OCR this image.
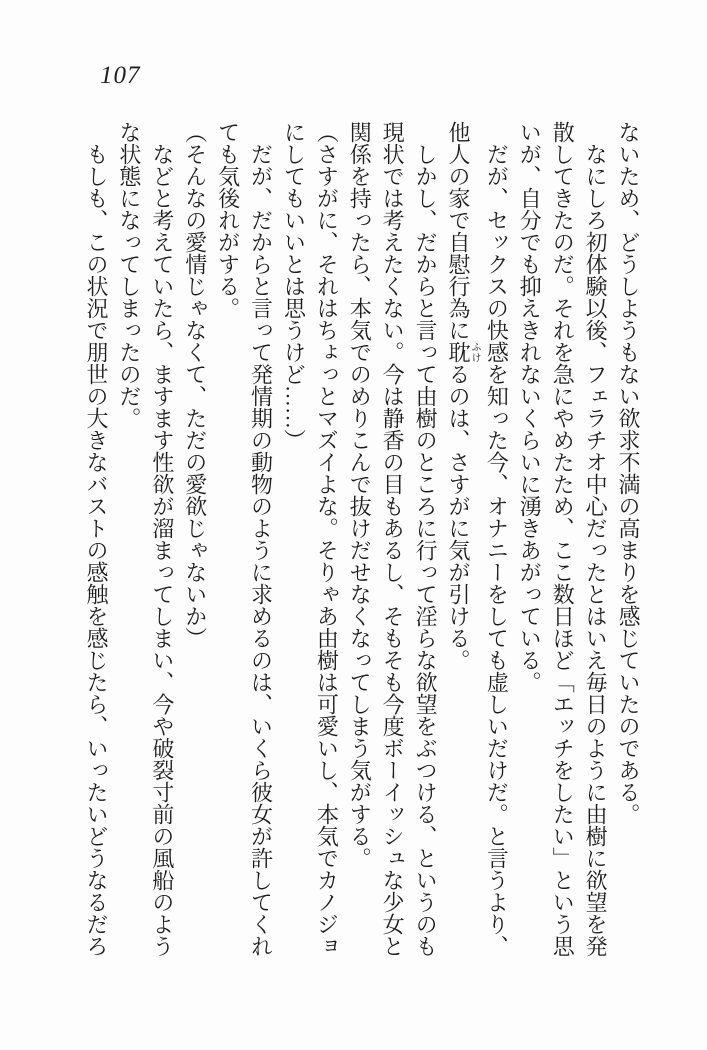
107
ないため、どうしようもない欲求不満の高まりを感じていたのである。
なにしろ初体験以後、フェラチオ中心だったとはいえ毎日のように由樹に欲望を発
散してきたのだ。それを急にやめたため、ここ数日ほど「エッチをしたい」という思
いが、自分でも抑えきれないくらいに湧きあがっている。
だが、セックスの快感を知った今、オナニーをしても虚しいだけだ。と言うより、
他人の家で自慰行為に耽ふけるのは、さすがに気が引ける。
しかし、だからと言って由樹のところに行って淫らな欲望をぶつける、というのも
現状では考えたくない。今は静香の目もあるし、そもそも今度ボーイッシュな少女と
関係を持ったら、本気でのめりこんで抜けだせなくなってしまう気がする。
（さすがに、それはちょっとマズイよな。そりゃあ由樹は可愛いし、本気でカノジョ
にしてもいいとは思うけど……）
だが、だからと言って発情期の動物のように求めるのは、いくら彼女が許してくれ
ても気後れがする。
（そんなの愛情じゃなくて、ただの愛欲じゃないか）
などと考えていたら、ますます性欲が溜まってしまい、今や破裂寸前の風船のよう
な状態になってしまったのだ。
もしも、この状況で朋世の大きなバストの感触を感じたら、いったいどうなるだろ
